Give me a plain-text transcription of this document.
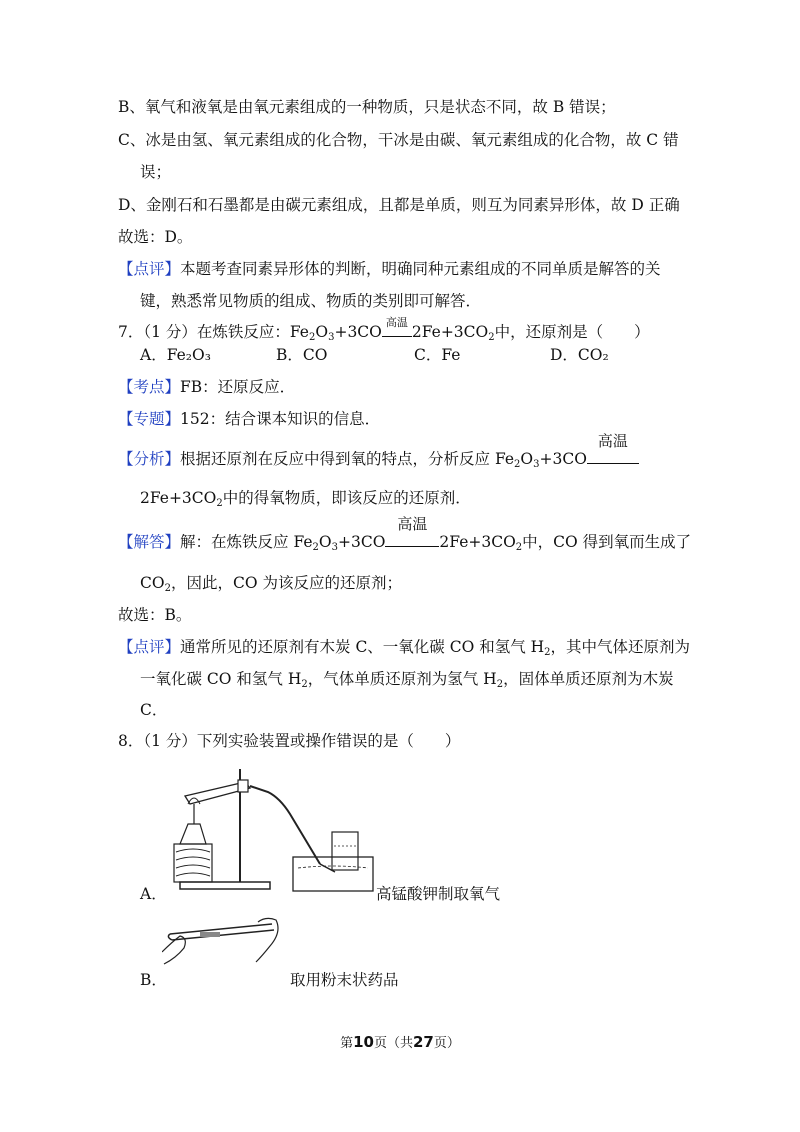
B、氧气和液氧是由氧元素组成的一种物质，只是状态不同，故 B 错误；
C、冰是由氢、氧元素组成的化合物，干冰是由碳、氧元素组成的化合物，故 C 错
误；
D、金刚石和石墨都是由碳元素组成，且都是单质，则互为同素异形体，故 D 正确
故选：D。
【点评】本题考查同素异形体的判断，明确同种元素组成的不同单质是解答的关
键，熟悉常见物质的组成、物质的类别即可解答．
7．（1 分）在炼铁反应：$Fe_2O_3+3CO$
高温
$2Fe+3CO_2$中，还原剂是（　　）
A．Fe₂O₃	B．CO	C．Fe	D．CO₂
【考点】FB：还原反应．
【专题】152：结合课本知识的信息．
【分析】根据还原剂在反应中得到氧的特点，分析反应 $Fe_2O_3+3CO$
高温
$2Fe+3CO_2$中的得氧物质，即该反应的还原剂．
【解答】解：在炼铁反应 $Fe_2O_3+3CO$
高温
$2Fe+3CO_2$中，CO 得到氧而生成了
$CO_2$，因此，CO 为该反应的还原剂；
故选：B。
【点评】通常所见的还原剂有木炭 C、一氧化碳 CO 和氢气 $H_2$，其中气体还原剂为
一氧化碳 CO 和氢气 $H_2$，气体单质还原剂为氢气 $H_2$，固体单质还原剂为木炭
C．
8．（1 分）下列实验装置或操作错误的是（　　）
A．	高锰酸钾制取氧气
B．	取用粉末状药品
第10页（共27页）
